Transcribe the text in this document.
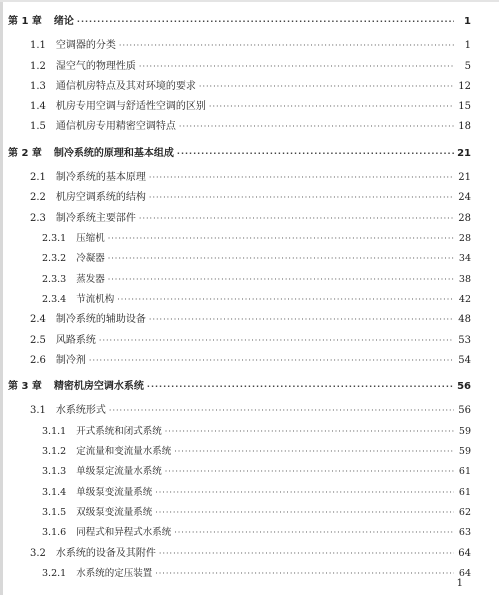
第 1 章 绪论 ·····	1
1.1 空调器的分类 ·····	1
1.2 湿空气的物理性质 ·····	5
1.3 通信机房特点及其对环境的要求 ·····	12
1.4 机房专用空调与舒适性空调的区别 ·····	15
1.5 通信机房专用精密空调特点 ·····	18
第 2 章 制冷系统的原理和基本组成 ·····	21
2.1 制冷系统的基本原理 ·····	21
2.2 机房空调系统的结构 ·····	24
2.3 制冷系统主要部件 ·····	28
2.3.1 压缩机 ·····	28
2.3.2 冷凝器 ·····	34
2.3.3 蒸发器 ·····	38
2.3.4 节流机构 ·····	42
2.4 制冷系统的辅助设备 ·····	48
2.5 风路系统 ·····	53
2.6 制冷剂 ·····	54
第 3 章 精密机房空调水系统 ·····	56
3.1 水系统形式 ·····	56
3.1.1 开式系统和闭式系统 ·····	59
3.1.2 定流量和变流量水系统 ·····	59
3.1.3 单级泵定流量水系统 ·····	61
3.1.4 单级泵变流量系统 ·····	61
3.1.5 双级泵变流量系统 ·····	62
3.1.6 同程式和异程式水系统 ·····	63
3.2 水系统的设备及其附件 ·····	64
3.2.1 水系统的定压装置 ·····	64
1
